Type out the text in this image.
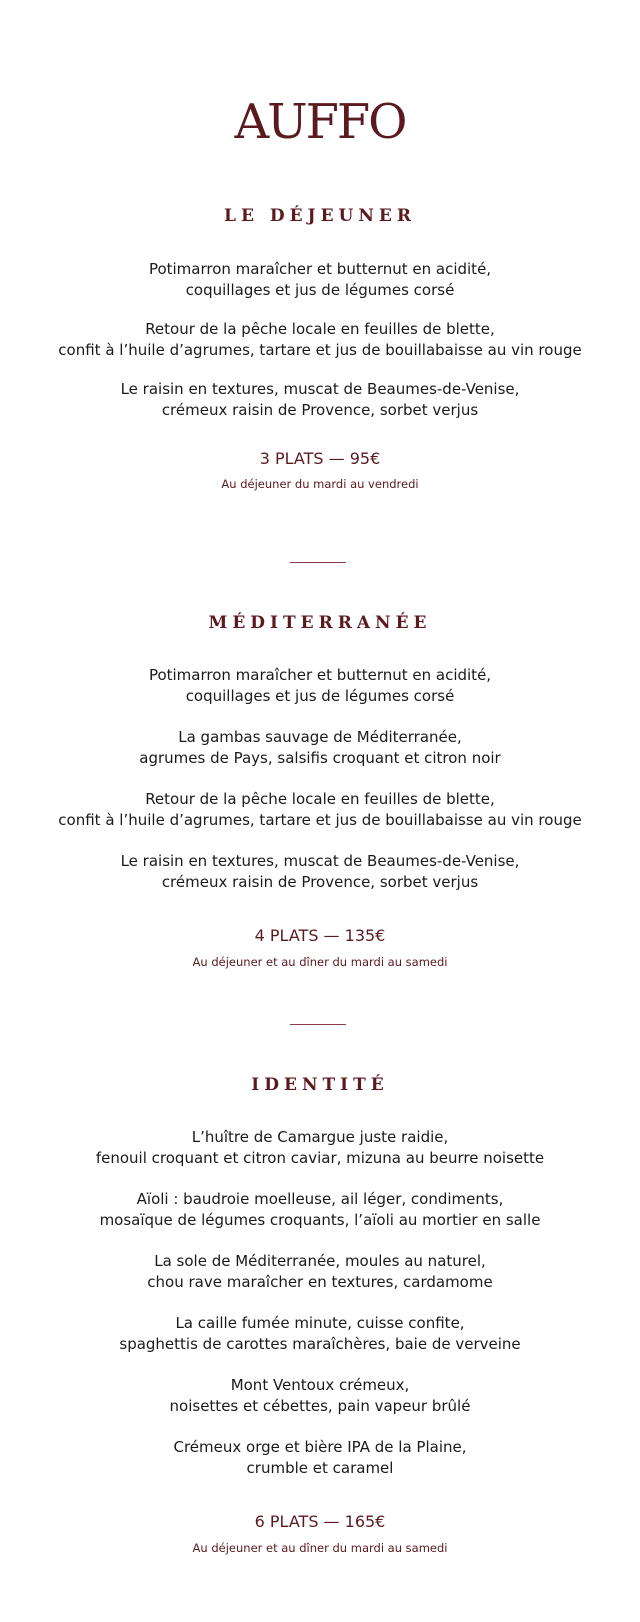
AUFFO
LE DÉJEUNER
Potimarron maraîcher et butternut en acidité,
coquillages et jus de légumes corsé
Retour de la pêche locale en feuilles de blette,
confit à l’huile d’agrumes, tartare et jus de bouillabaisse au vin rouge
Le raisin en textures, muscat de Beaumes-de-Venise,
crémeux raisin de Provence, sorbet verjus

3 PLATS — 95€

Au déjeuner du mardi au vendredi

MÉDITERRANÉE
Potimarron maraîcher et butternut en acidité,
coquillages et jus de légumes corsé
La gambas sauvage de Méditerranée,
agrumes de Pays, salsifis croquant et citron noir
Retour de la pêche locale en feuilles de blette,
confit à l’huile d’agrumes, tartare et jus de bouillabaisse au vin rouge
Le raisin en textures, muscat de Beaumes-de-Venise,
crémeux raisin de Provence, sorbet verjus

4 PLATS — 135€

Au déjeuner et au dîner du mardi au samedi

IDENTITÉ
L’huître de Camargue juste raidie,
fenouil croquant et citron caviar, mizuna au beurre noisette
Aïoli : baudroie moelleuse, ail léger, condiments,
mosaïque de légumes croquants, l’aïoli au mortier en salle
La sole de Méditerranée, moules au naturel,
chou rave maraîcher en textures, cardamome
La caille fumée minute, cuisse confite,
spaghettis de carottes maraîchères, baie de verveine
Mont Ventoux crémeux,
noisettes et cébettes, pain vapeur brûlé
Crémeux orge et bière IPA de la Plaine,
crumble et caramel

6 PLATS — 165€

Au déjeuner et au dîner du mardi au samedi
